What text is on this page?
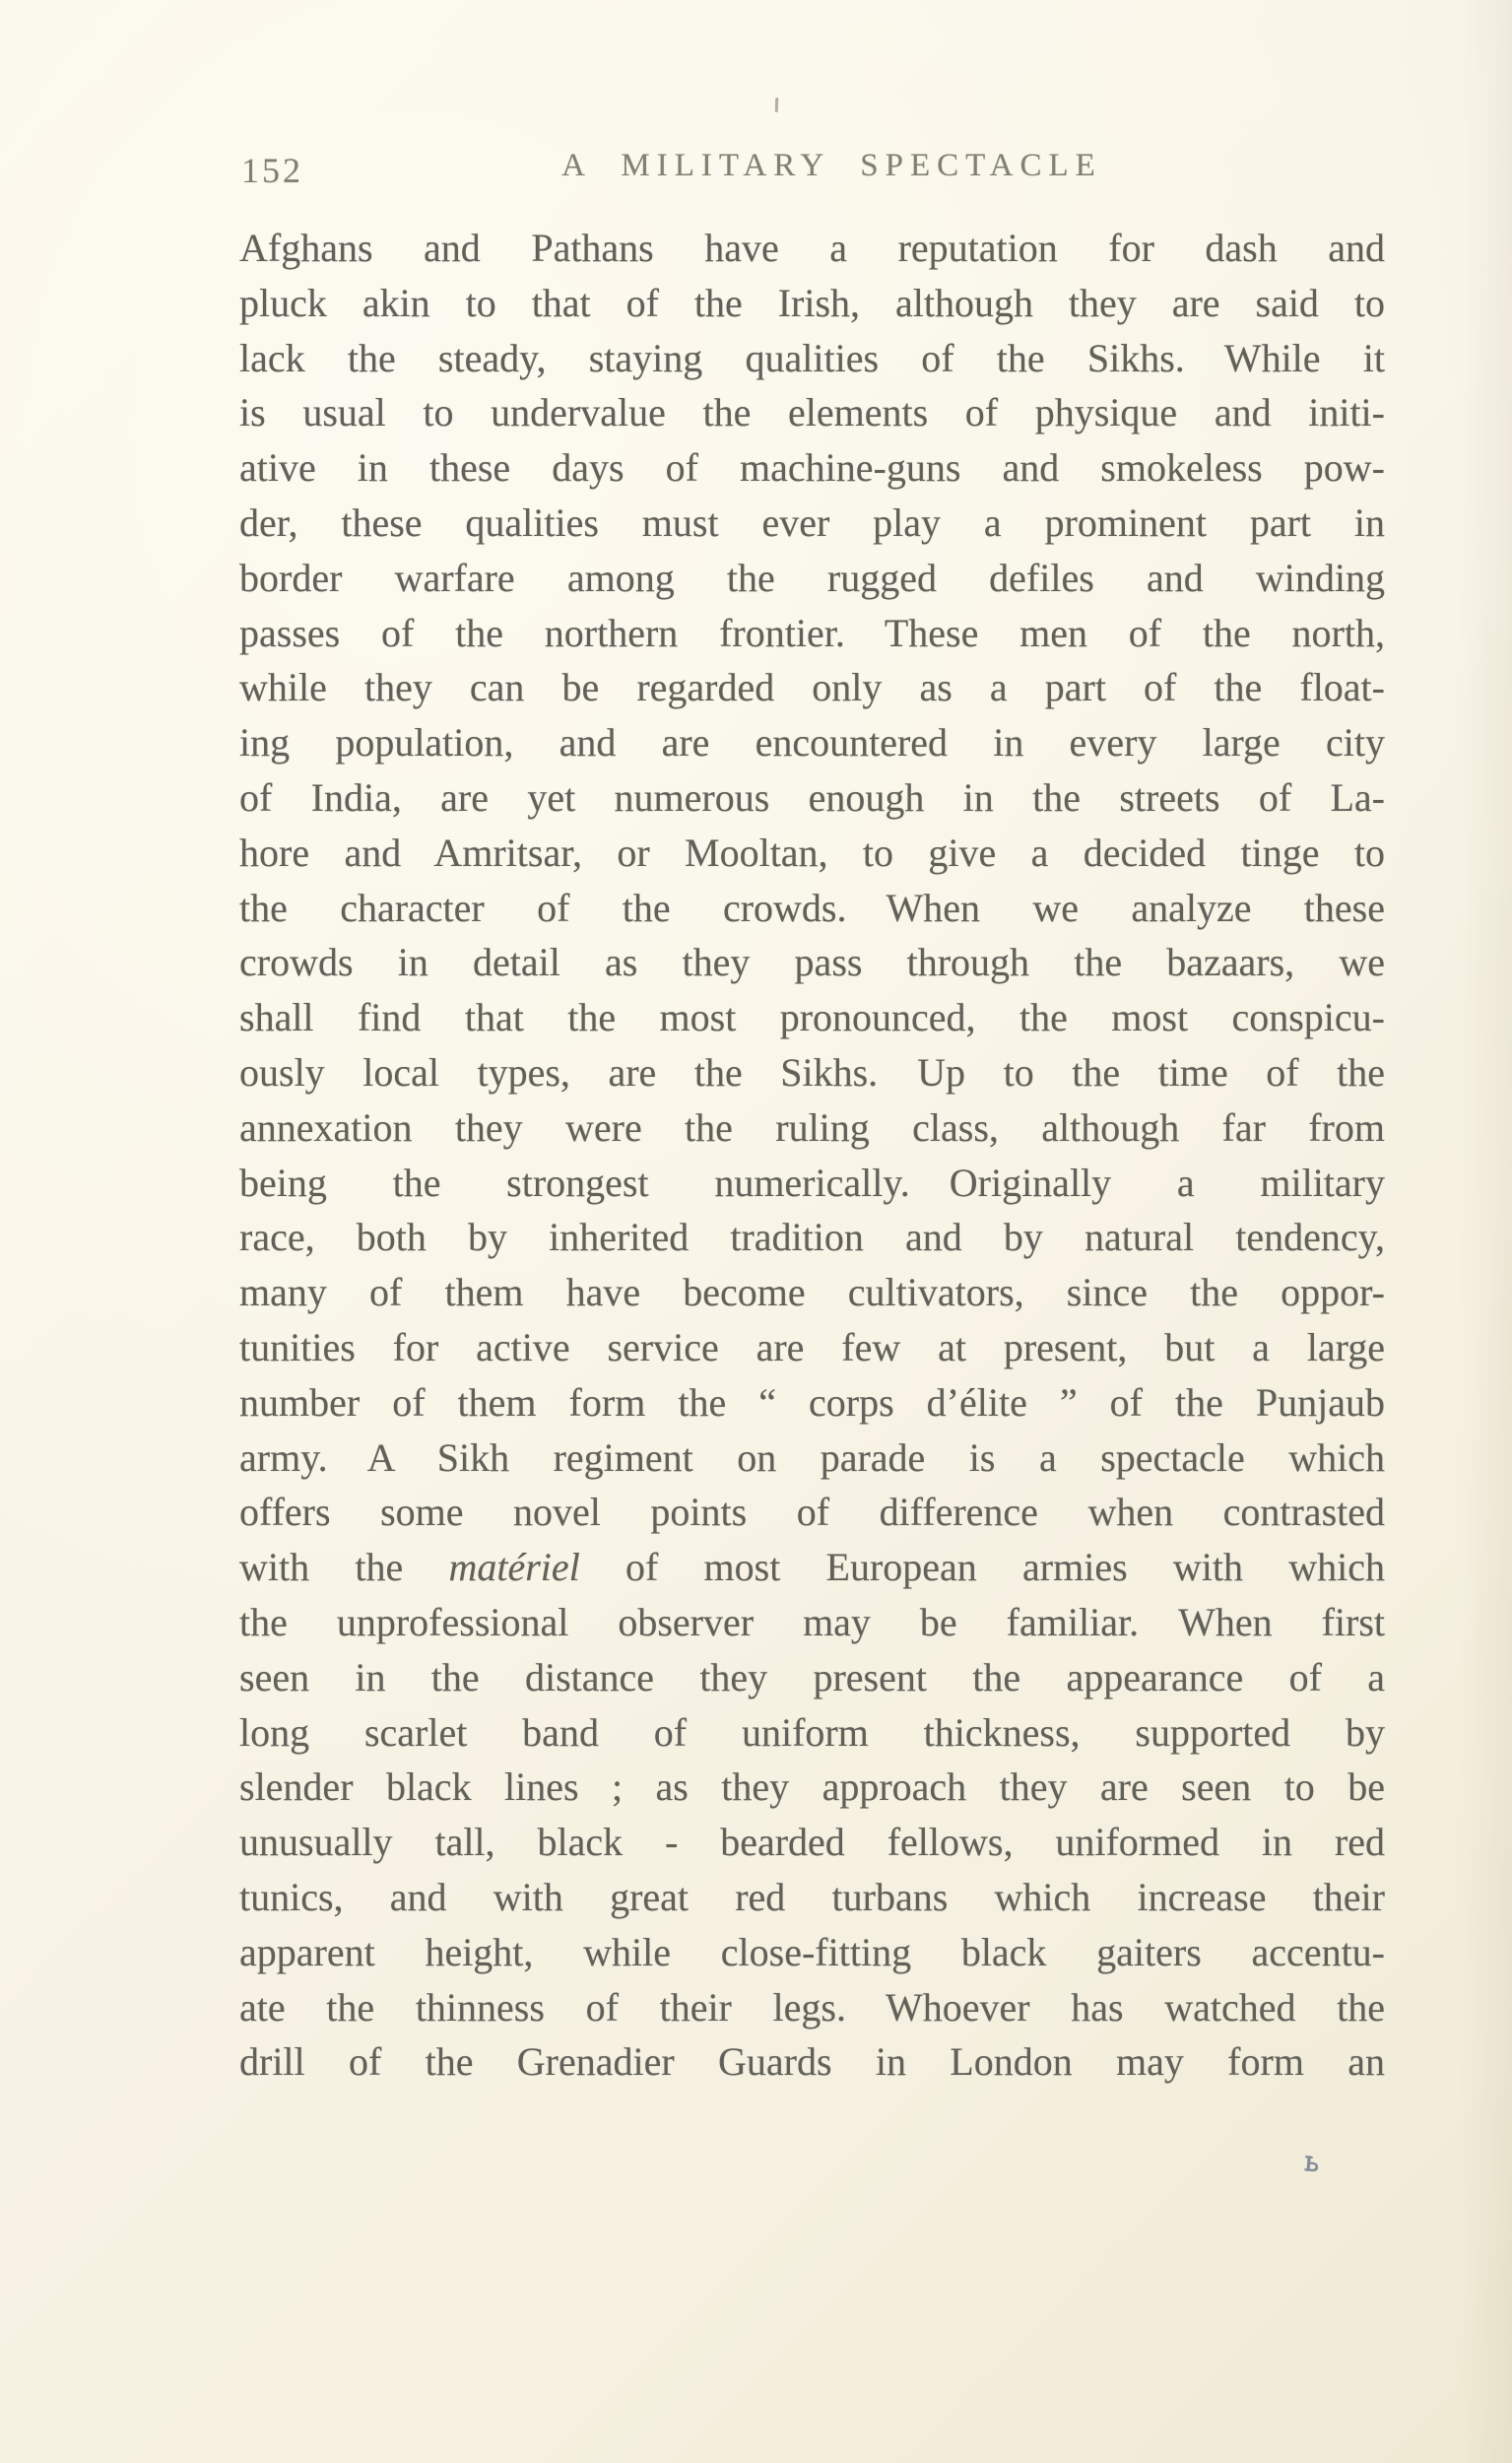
152	A MILITARY SPECTACLE
Afghans and Pathans have a reputation for dash and
pluck akin to that of the Irish, although they are said to
lack the steady, staying qualities of the Sikhs. While it
is usual to undervalue the elements of physique and initi-
ative in these days of machine-guns and smokeless pow-
der, these qualities must ever play a prominent part in
border warfare among the rugged defiles and winding
passes of the northern frontier. These men of the north,
while they can be regarded only as a part of the float-
ing population, and are encountered in every large city
of India, are yet numerous enough in the streets of La-
hore and Amritsar, or Mooltan, to give a decided tinge to
the character of the crowds. When we analyze these
crowds in detail as they pass through the bazaars, we
shall find that the most pronounced, the most conspicu-
ously local types, are the Sikhs. Up to the time of the
annexation they were the ruling class, although far from
being the strongest numerically. Originally a military
race, both by inherited tradition and by natural tendency,
many of them have become cultivators, since the oppor-
tunities for active service are few at present, but a large
number of them form the “ corps d’élite ” of the Punjaub
army. A Sikh regiment on parade is a spectacle which
offers some novel points of difference when contrasted
with the matériel of most European armies with which
the unprofessional observer may be familiar. When first
seen in the distance they present the appearance of a
long scarlet band of uniform thickness, supported by
slender black lines ; as they approach they are seen to be
unusually tall, black - bearded fellows, uniformed in red
tunics, and with great red turbans which increase their
apparent height, while close-fitting black gaiters accentu-
ate the thinness of their legs. Whoever has watched the
drill of the Grenadier Guards in London may form an
ь
